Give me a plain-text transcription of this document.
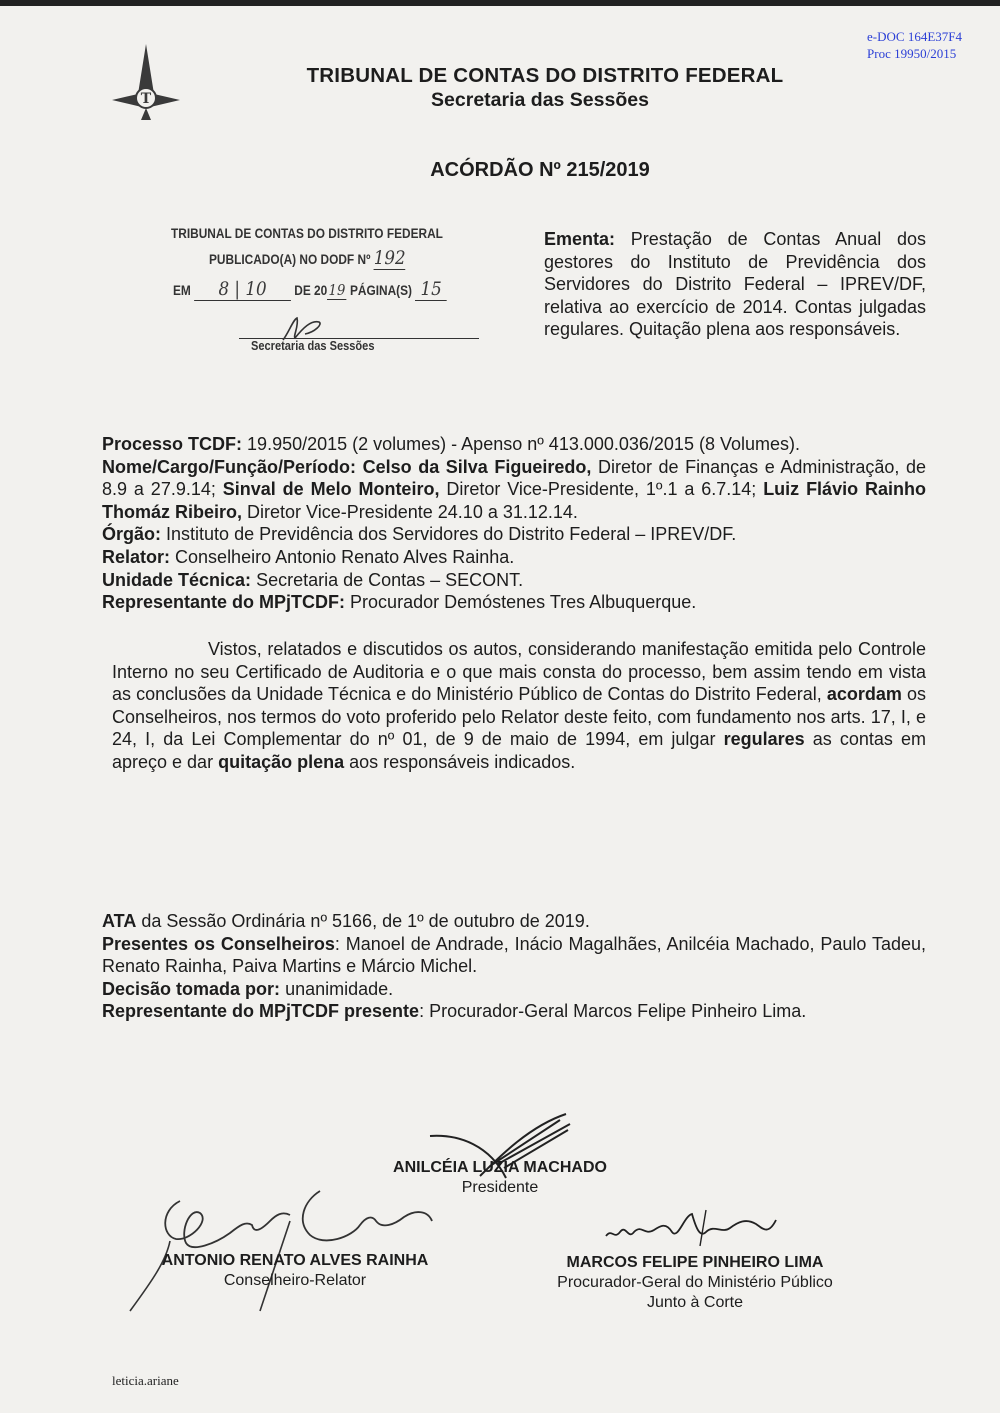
e-DOC 164E37F4
Proc 19950/2015
T
TRIBUNAL DE CONTAS DO DISTRITO FEDERAL
Secretaria das Sessões
ACÓRDÃO Nº 215/2019
TRIBUNAL DE CONTAS DO DISTRITO FEDERAL
PUBLICADO(A) NO DODF Nº 192
EM 8 | 10 DE 2019 PÁGINA(S) 15
Secretaria das Sessões
Ementa: Prestação de Contas Anual dos gestores do Instituto de Previdência dos Servidores do Distrito Federal – IPREV/DF, relativa ao exercício de 2014. Contas julgadas regulares. Quitação plena aos responsáveis.

Processo TCDF: 19.950/2015 (2 volumes) - Apenso nº 413.000.036/2015 (8 Volumes).

Nome/Cargo/Função/Período: Celso da Silva Figueiredo, Diretor de Finanças e Administração, de 8.9 a 27.9.14; Sinval de Melo Monteiro, Diretor Vice-Presidente, 1º.1 a 6.7.14; Luiz Flávio Rainho Thomáz Ribeiro, Diretor Vice-Presidente 24.10 a 31.12.14.

Órgão: Instituto de Previdência dos Servidores do Distrito Federal – IPREV/DF.

Relator: Conselheiro Antonio Renato Alves Rainha.

Unidade Técnica: Secretaria de Contas – SECONT.

Representante do MPjTCDF: Procurador Demóstenes Tres Albuquerque.

Vistos, relatados e discutidos os autos, considerando manifestação emitida pelo Controle Interno no seu Certificado de Auditoria e o que mais consta do processo, bem assim tendo em vista as conclusões da Unidade Técnica e do Ministério Público de Contas do Distrito Federal, acordam os Conselheiros, nos termos do voto proferido pelo Relator deste feito, com fundamento nos arts. 17, I, e 24, I, da Lei Complementar do nº 01, de 9 de maio de 1994, em julgar regulares as contas em apreço e dar quitação plena aos responsáveis indicados.

ATA da Sessão Ordinária nº 5166, de 1º de outubro de 2019.

Presentes os Conselheiros: Manoel de Andrade, Inácio Magalhães, Anilcéia Machado, Paulo Tadeu, Renato Rainha, Paiva Martins e Márcio Michel.

Decisão tomada por: unanimidade.

Representante do MPjTCDF presente: Procurador-Geral Marcos Felipe Pinheiro Lima.

ANILCÉIA LUZIA MACHADO
Presidente
ANTONIO RENATO ALVES RAINHA
Conselheiro-Relator
MARCOS FELIPE PINHEIRO LIMA
Procurador-Geral do Ministério Público
Junto à Corte
leticia.ariane
